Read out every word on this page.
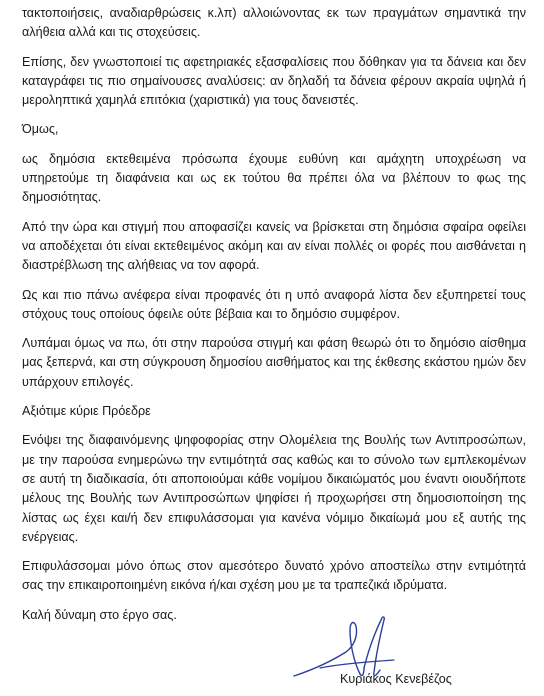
τακτοποιήσεις, αναδιαρθρώσεις κ.λπ) αλλοιώνοντας εκ των πραγμάτων σημαντικά την αλήθεια αλλά και τις στοχεύσεις.

Επίσης, δεν γνωστοποιεί τις αφετηριακές εξασφαλίσεις που δόθηκαν για τα δάνεια και δεν καταγράφει τις πιο σημαίνουσες αναλύσεις: αν δηλαδή τα δάνεια φέρουν ακραία υψηλά ή μεροληπτικά χαμηλά επιτόκια (χαριστικά) για τους δανειστές.

Όμως,

ως δημόσια εκτεθειμένα πρόσωπα έχουμε ευθύνη και αμάχητη υποχρέωση να υπηρετούμε τη διαφάνεια και ως εκ τούτου θα πρέπει όλα να βλέπουν το φως της δημοσιότητας.

Από την ώρα και στιγμή που αποφασίζει κανείς να βρίσκεται στη δημόσια σφαίρα οφείλει να αποδέχεται ότι είναι εκτεθειμένος ακόμη και αν είναι πολλές οι φορές που αισθάνεται η διαστρέβλωση της αλήθειας να τον αφορά.

Ως και πιο πάνω ανέφερα είναι προφανές ότι η υπό αναφορά λίστα δεν εξυπηρετεί τους στόχους τους οποίους όφειλε ούτε βέβαια και το δημόσιο συμφέρον.

Λυπάμαι όμως να πω, ότι στην παρούσα στιγμή και φάση θεωρώ ότι το δημόσιο αίσθημα μας ξεπερνά, και στη σύγκρουση δημοσίου αισθήματος και της έκθεσης εκάστου ημών δεν υπάρχουν επιλογές.

Αξιότιμε κύριε Πρόεδρε

Ενόψει της διαφαινόμενης ψηφοφορίας στην Ολομέλεια της Βουλής των Αντιπροσώπων, με την παρούσα ενημερώνω την εντιμότητά σας καθώς και το σύνολο των εμπλεκομένων σε αυτή τη διαδικασία, ότι αποποιούμαι κάθε νομίμου δικαιώματός μου έναντι οιουδήποτε μέλους της Βουλής των Αντιπροσώπων ψηφίσει ή προχωρήσει στη δημοσιοποίηση της λίστας ως έχει και/ή δεν επιφυλάσσομαι για κανένα νόμιμο δικαίωμά μου εξ αυτής της ενέργειας.

Επιφυλάσσομαι μόνο όπως στον αμεσότερο δυνατό χρόνο αποστείλω στην εντιμότητά σας την επικαιροποιημένη εικόνα ή/και σχέση μου με τα τραπεζικά ιδρύματα.

Καλή δύναμη στο έργο σας.

Κυριάκος Κενεβέζος
